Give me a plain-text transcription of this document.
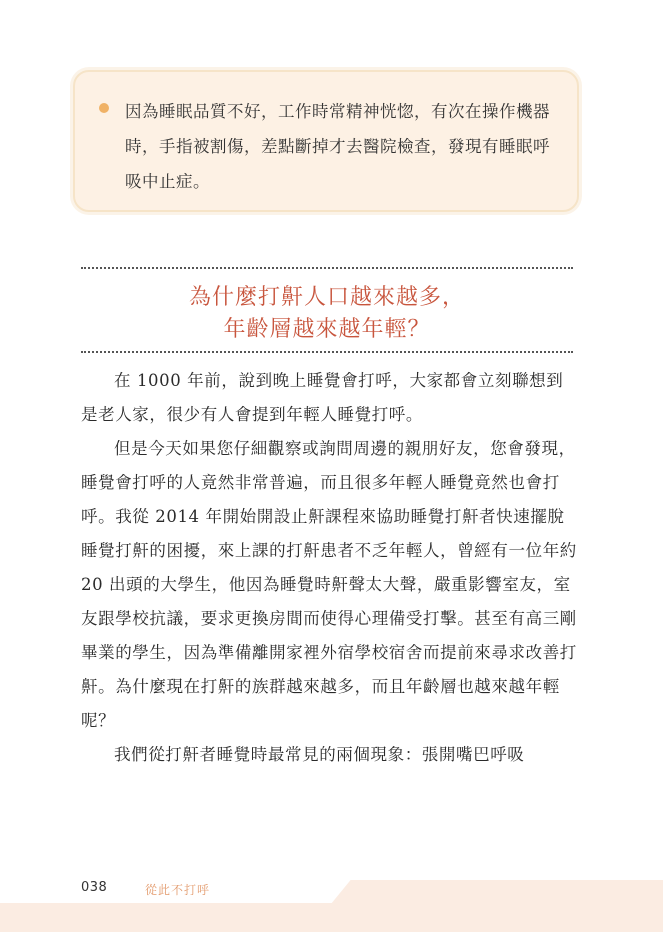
因為睡眠品質不好，工作時常精神恍惚，有次在操作機器時，手指被割傷，差點斷掉才去醫院檢查，發現有睡眠呼吸中止症。
為什麼打鼾人口越來越多，
年齡層越來越年輕？

在 1000 年前，說到晚上睡覺會打呼，大家都會立刻聯想到是老人家，很少有人會提到年輕人睡覺打呼。

但是今天如果您仔細觀察或詢問周邊的親朋好友，您會發現，睡覺會打呼的人竟然非常普遍，而且很多年輕人睡覺竟然也會打呼。我從 2014 年開始開設止鼾課程來協助睡覺打鼾者快速擺脫睡覺打鼾的困擾，來上課的打鼾患者不乏年輕人，曾經有一位年約 20 出頭的大學生，他因為睡覺時鼾聲太大聲，嚴重影響室友，室友跟學校抗議，要求更換房間而使得心理備受打擊。甚至有高三剛畢業的學生，因為準備離開家裡外宿學校宿舍而提前來尋求改善打鼾。為什麼現在打鼾的族群越來越多，而且年齡層也越來越年輕呢？

我們從打鼾者睡覺時最常見的兩個現象：張開嘴巴呼吸

038	從此不打呼
